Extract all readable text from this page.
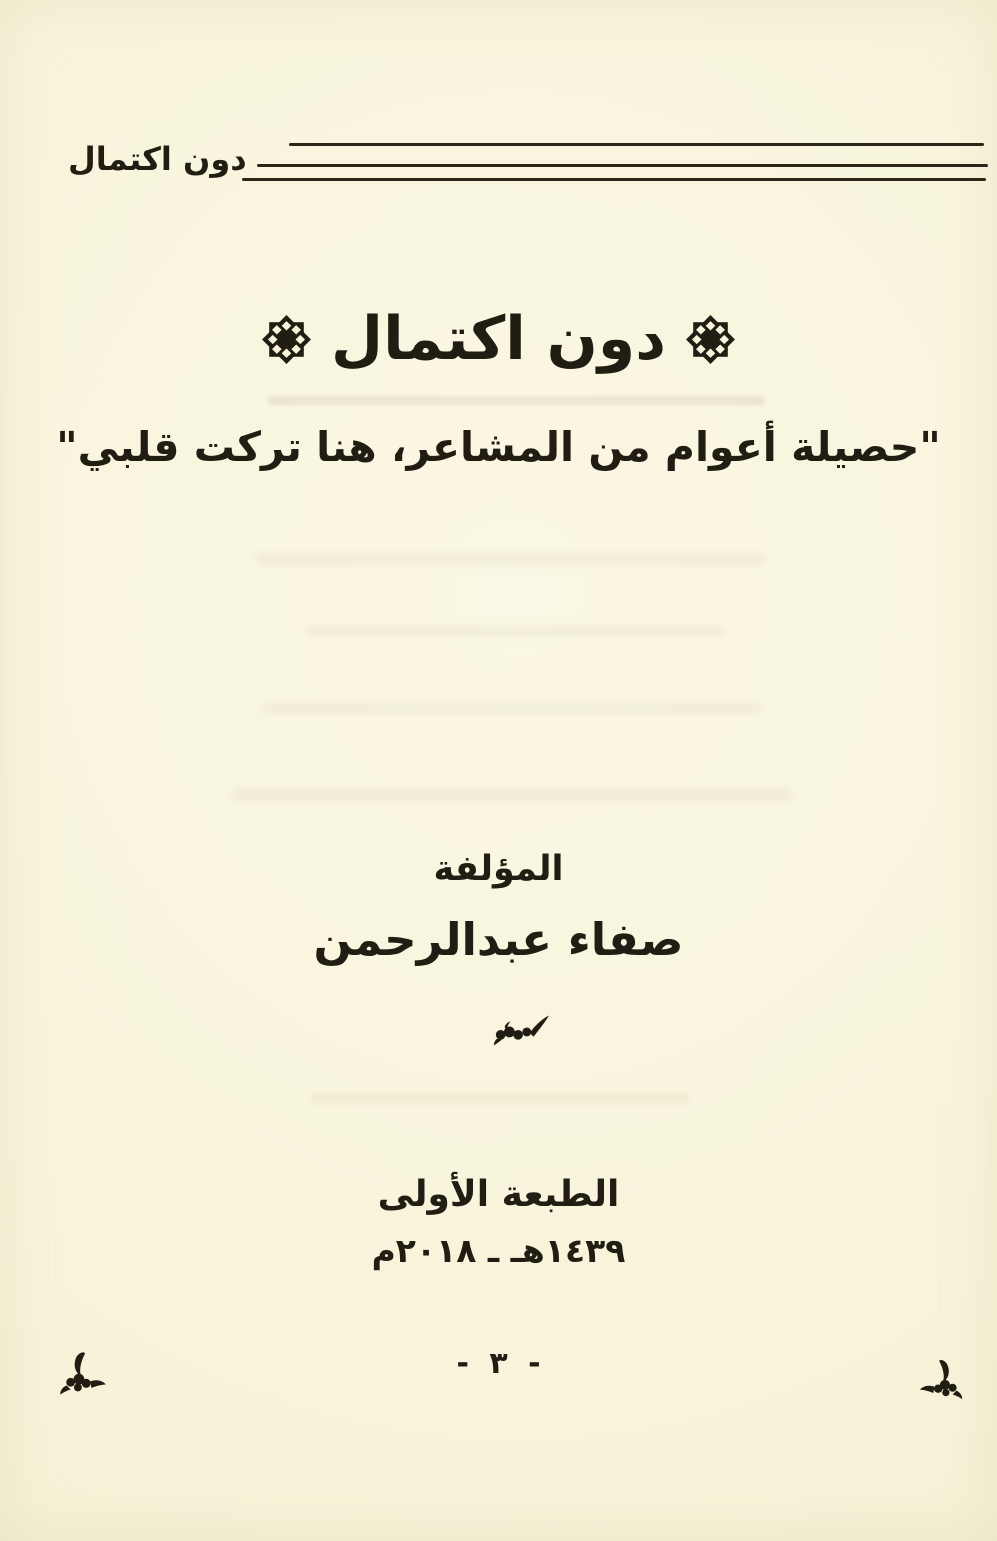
دون اكتمال
دون اكتمال
"حصيلة أعوام من المشاعر، هنا تركت قلبي"
المؤلفة
صفاء عبدالرحمن
الطبعة الأولى
١٤٣٩هـ ـ ٢٠١٨م
- ٣ -
